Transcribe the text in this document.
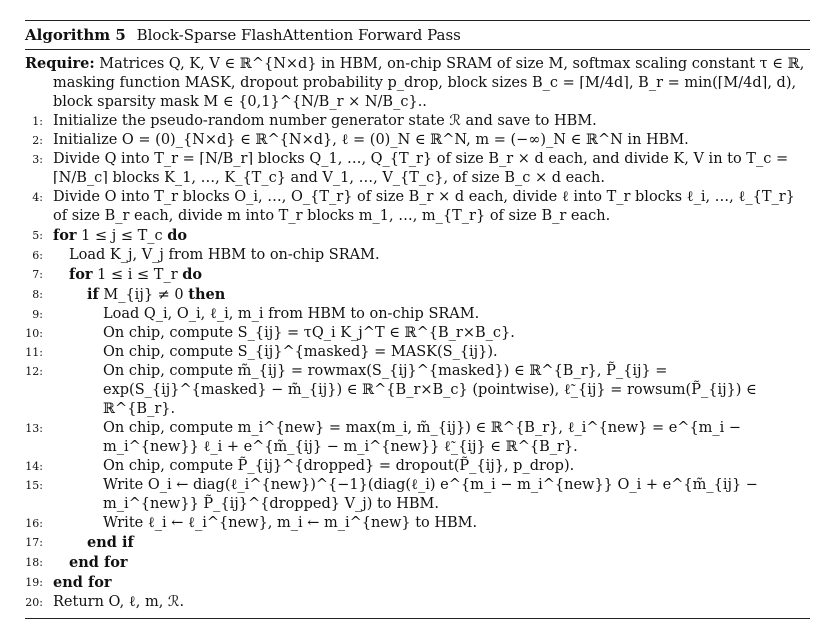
Algorithm 5 Block-Sparse FlashAttention Forward Pass
Require: Matrices Q, K, V ∈ ℝ^{N×d} in HBM, on-chip SRAM of size M, softmax scaling constant τ ∈ ℝ, masking function MASK, dropout probability p_drop, block sizes B_c = ⌈M/4d⌉, B_r = min(⌈M/4d⌉, d), block sparsity mask M ∈ {0,1}^{N/B_r × N/B_c}..
1: Initialize the pseudo-random number generator state ℛ and save to HBM.
2: Initialize O = (0)_{N×d} ∈ ℝ^{N×d}, ℓ = (0)_N ∈ ℝ^N, m = (−∞)_N ∈ ℝ^N in HBM.
3: Divide Q into T_r = ⌈N/B_r⌉ blocks Q_1, …, Q_{T_r} of size B_r × d each, and divide K, V in to T_c = ⌈N/B_c⌉ blocks K_1, …, K_{T_c} and V_1, …, V_{T_c}, of size B_c × d each.
4: Divide O into T_r blocks O_i, …, O_{T_r} of size B_r × d each, divide ℓ into T_r blocks ℓ_i, …, ℓ_{T_r} of size B_r each, divide m into T_r blocks m_1, …, m_{T_r} of size B_r each.
5: for 1 ≤ j ≤ T_c do
6: Load K_j, V_j from HBM to on-chip SRAM.
7: for 1 ≤ i ≤ T_r do
8:	if M_{ij} ≠ 0 then
9:	Load Q_i, O_i, ℓ_i, m_i from HBM to on-chip SRAM.
10:	On chip, compute S_{ij} = τQ_i K_j^T ∈ ℝ^{B_r×B_c}.
11:	On chip, compute S_{ij}^{masked} = MASK(S_{ij}).
12:	On chip, compute m̃_{ij} = rowmax(S_{ij}^{masked}) ∈ ℝ^{B_r}, P̃_{ij} = exp(S_{ij}^{masked} − m̃_{ij}) ∈ ℝ^{B_r×B_c} (pointwise), ℓ̃_{ij} = rowsum(P̃_{ij}) ∈ ℝ^{B_r}.
13:	On chip, compute m_i^{new} = max(m_i, m̃_{ij}) ∈ ℝ^{B_r}, ℓ_i^{new} = e^{m_i − m_i^{new}} ℓ_i + e^{m̃_{ij} − m_i^{new}} ℓ̃_{ij} ∈ ℝ^{B_r}.
14:	On chip, compute P̃_{ij}^{dropped} = dropout(P̃_{ij}, p_drop).
15:	Write O_i ← diag(ℓ_i^{new})^{−1}(diag(ℓ_i) e^{m_i − m_i^{new}} O_i + e^{m̃_{ij} − m_i^{new}} P̃_{ij}^{dropped} V_j) to HBM.
16:	Write ℓ_i ← ℓ_i^{new}, m_i ← m_i^{new} to HBM.
17:	end if
18: end for
19: end for
20: Return O, ℓ, m, ℛ.
